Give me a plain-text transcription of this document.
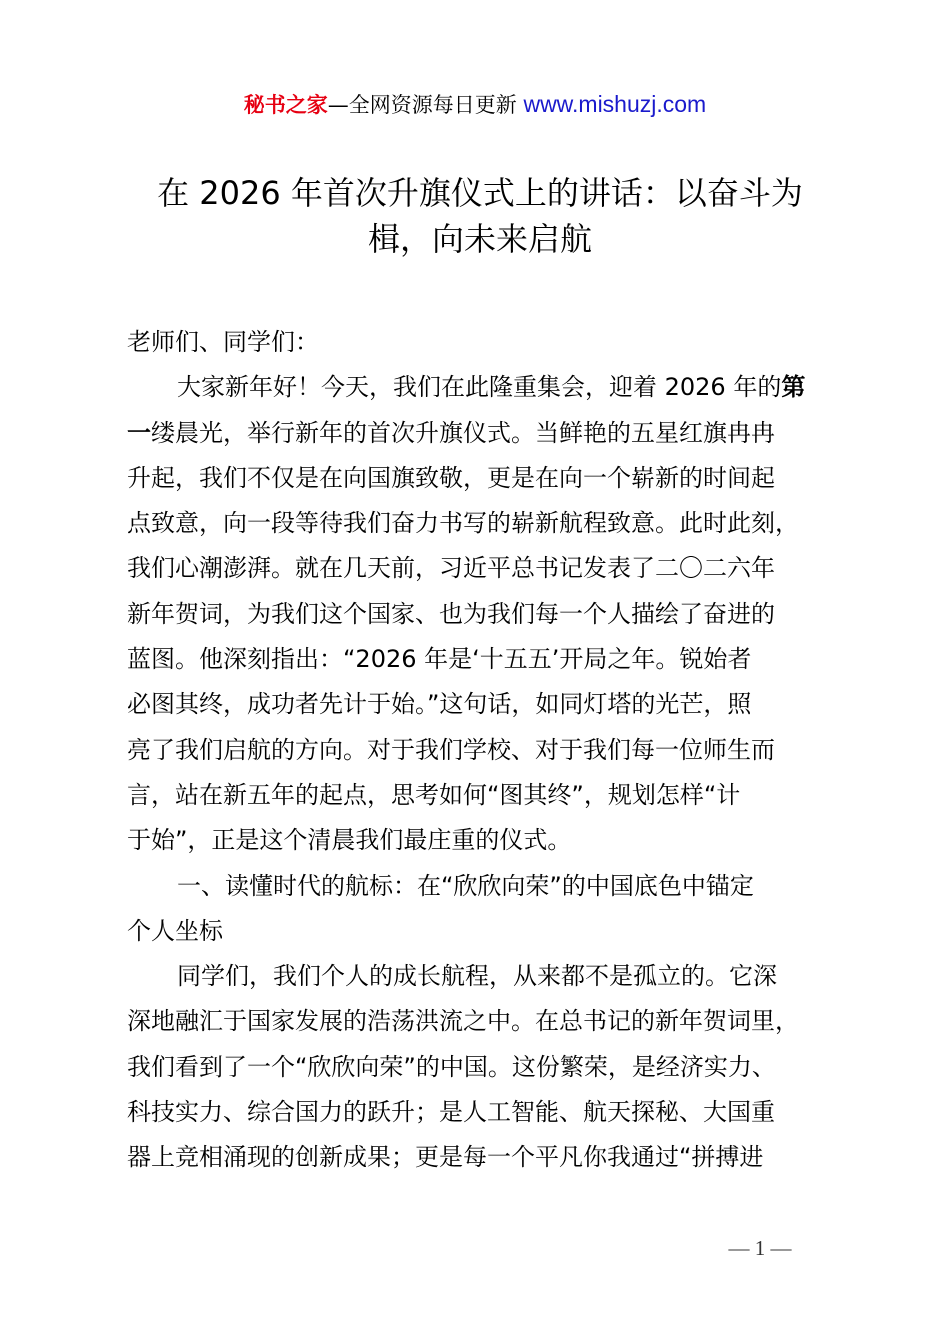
秘书之家—全网资源每日更新 www.mishuzj.com
在 2026 年首次升旗仪式上的讲话：以奋斗为
楫，向未来启航
老师们、同学们：
大家新年好！今天，我们在此隆重集会，迎着 2026 年的第
一缕晨光，举行新年的首次升旗仪式。当鲜艳的五星红旗冉冉
升起，我们不仅是在向国旗致敬，更是在向一个崭新的时间起
点致意，向一段等待我们奋力书写的崭新航程致意。此时此刻，
我们心潮澎湃。就在几天前，习近平总书记发表了二〇二六年
新年贺词，为我们这个国家、也为我们每一个人描绘了奋进的
蓝图。他深刻指出：“2026 年是‘十五五’开局之年。锐始者
必图其终，成功者先计于始。”这句话，如同灯塔的光芒，照
亮了我们启航的方向。对于我们学校、对于我们每一位师生而
言，站在新五年的起点，思考如何“图其终”，规划怎样“计
于始”，正是这个清晨我们最庄重的仪式。
一、读懂时代的航标：在“欣欣向荣”的中国底色中锚定
个人坐标
同学们，我们个人的成长航程，从来都不是孤立的。它深
深地融汇于国家发展的浩荡洪流之中。在总书记的新年贺词里，
我们看到了一个“欣欣向荣”的中国。这份繁荣，是经济实力、
科技实力、综合国力的跃升；是人工智能、航天探秘、大国重
器上竞相涌现的创新成果；更是每一个平凡你我通过“拼搏进
— 1 —
